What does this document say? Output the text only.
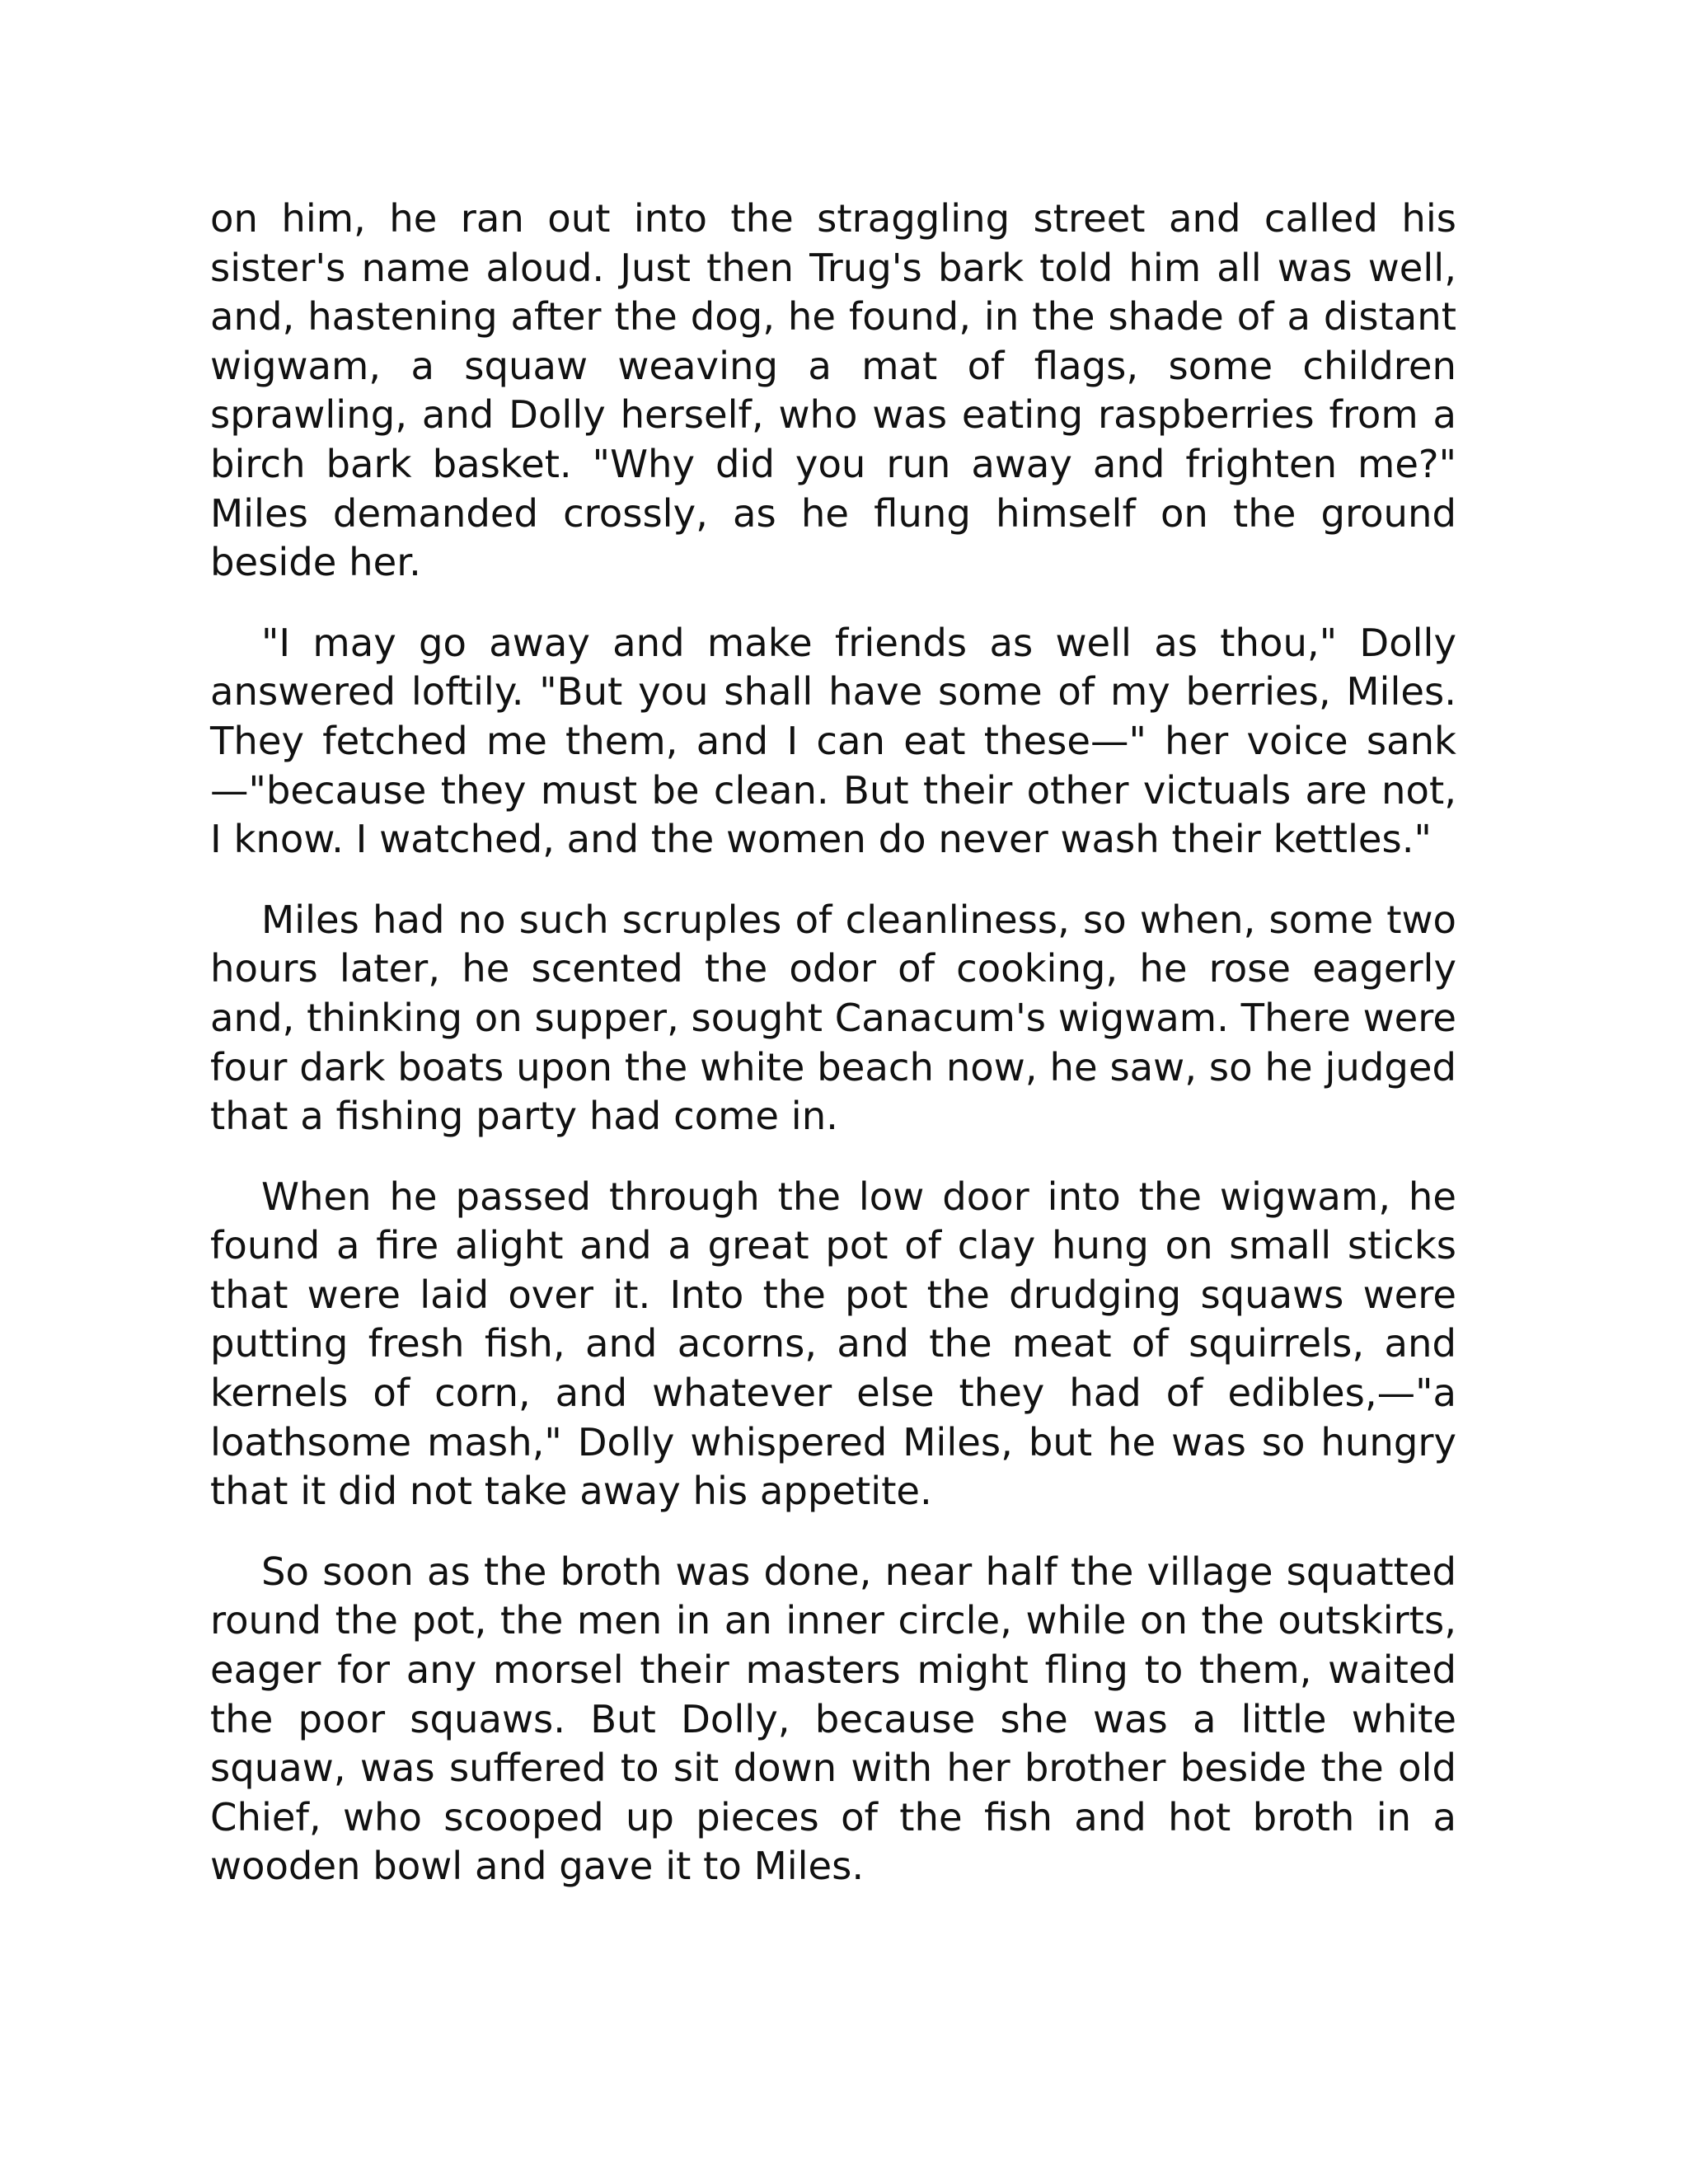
on him, he ran out into the straggling street and called his sister's name aloud. Just then Trug's bark told him all was well, and, hastening after the dog, he found, in the shade of a distant wigwam, a squaw weaving a mat of flags, some children sprawling, and Dolly herself, who was eating raspberries from a birch bark basket. "Why did you run away and frighten me?" Miles demanded crossly, as he flung himself on the ground beside her.

"I may go away and make friends as well as thou," Dolly answered loftily. "But you shall have some of my berries, Miles. They fetched me them, and I can eat these—" her voice sank—"because they must be clean. But their other victuals are not, I know. I watched, and the women do never wash their kettles."

Miles had no such scruples of cleanliness, so when, some two hours later, he scented the odor of cooking, he rose eagerly and, thinking on supper, sought Canacum's wigwam. There were four dark boats upon the white beach now, he saw, so he judged that a fishing party had come in.

When he passed through the low door into the wigwam, he found a fire alight and a great pot of clay hung on small sticks that were laid over it. Into the pot the drudging squaws were putting fresh fish, and acorns, and the meat of squirrels, and kernels of corn, and whatever else they had of edibles,—"a loathsome mash," Dolly whispered Miles, but he was so hungry that it did not take away his appetite.

So soon as the broth was done, near half the village squatted round the pot, the men in an inner circle, while on the outskirts, eager for any morsel their masters might fling to them, waited the poor squaws. But Dolly, because she was a little white squaw, was suffered to sit down with her brother beside the old Chief, who scooped up pieces of the fish and hot broth in a wooden bowl and gave it to Miles.
